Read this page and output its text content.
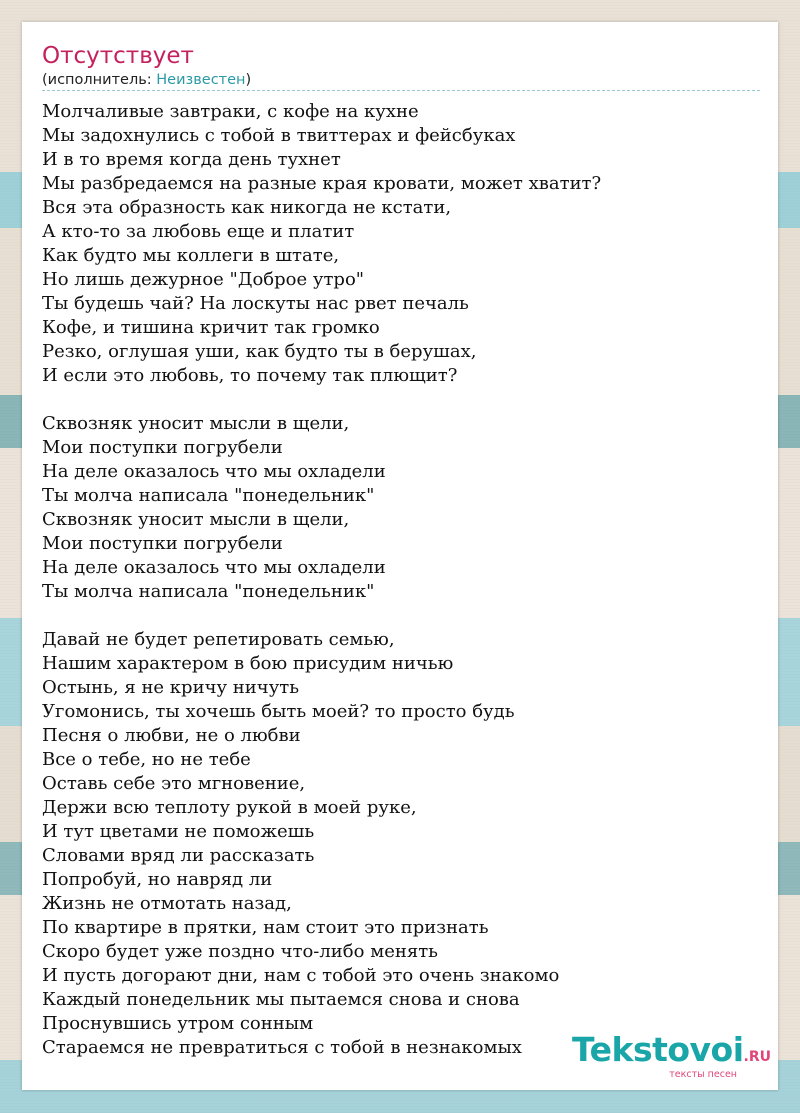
Отсутствует
(исполнитель: Неизвестен)
Молчаливые завтраки, с кофе на кухне
Мы задохнулись с тобой в твиттерах и фейсбуках
И в то время когда день тухнет
Мы разбредаемся на разные края кровати, может хватит?
Вся эта образность как никогда не кстати,
А кто-то за любовь еще и платит
Как будто мы коллеги в штате,
Но лишь дежурное "Доброе утро"
Ты будешь чай? На лоскуты нас рвет печаль
Кофе, и тишина кричит так громко
Резко, оглушая уши, как будто ты в берушах,
И если это любовь, то почему так плющит?
Сквозняк уносит мысли в щели,
Мои поступки погрубели
На деле оказалось что мы охладели
Ты молча написала "понедельник"
Сквозняк уносит мысли в щели,
Мои поступки погрубели
На деле оказалось что мы охладели
Ты молча написала "понедельник"
Давай не будет репетировать семью,
Нашим характером в бою присудим ничью
Остынь, я не кричу ничуть
Угомонись, ты хочешь быть моей? то просто будь
Песня о любви, не о любви
Все о тебе, но не тебе
Оставь себе это мгновение,
Держи всю теплоту рукой в моей руке,
И тут цветами не поможешь
Словами вряд ли рассказать
Попробуй, но навряд ли
Жизнь не отмотать назад,
По квартире в прятки, нам стоит это признать
Скоро будет уже поздно что-либо менять
И пусть догорают дни, нам с тобой это очень знакомо
Каждый понедельник мы пытаемся снова и снова
Проснувшись утром сонным
Стараемся не превратиться с тобой в незнакомых	Tekstovoi.RU
тексты песен
